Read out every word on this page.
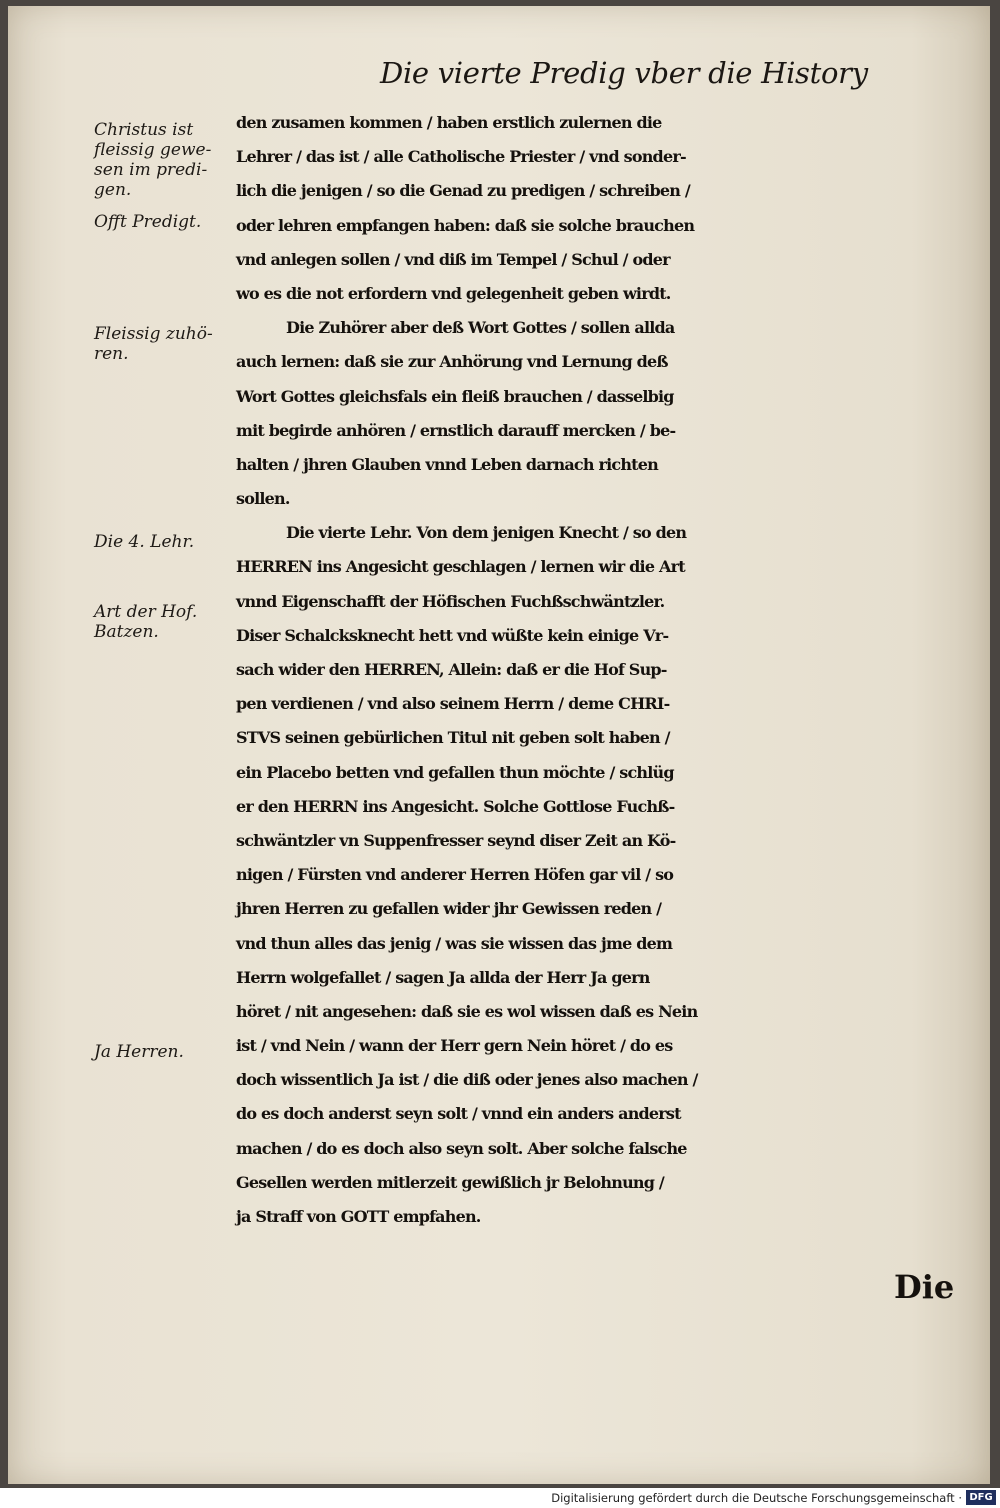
Die vierte Predig vber die History
Christus ist fleissig gewe-sen im predi-gen.
Offt Predigt.
Fleissig zuhö-ren.
Die 4. Lehr.
Art der Hof. Batzen.
Ja Herren.
den zusamen kommen / haben erstlich zulernen die
Lehrer / das ist / alle Catholische Priester / vnd sonder-
lich die jenigen / so die Genad zu predigen / schreiben /
oder lehren empfangen haben: daß sie solche brauchen
vnd anlegen sollen / vnd diß im Tempel / Schul / oder
wo es die not erfordern vnd gelegenheit geben wirdt.
Die Zuhörer aber deß Wort Gottes / sollen allda
auch lernen: daß sie zur Anhörung vnd Lernung deß
Wort Gottes gleichsfals ein fleiß brauchen / dasselbig
mit begirde anhören / ernstlich darauff mercken / be-
halten / jhren Glauben vnnd Leben darnach richten
sollen.
Die vierte Lehr. Von dem jenigen Knecht / so den
HERREN ins Angesicht geschlagen / lernen wir die Art
vnnd Eigenschafft der Höfischen Fuchßschwäntzler.
Diser Schalcksknecht hett vnd wüßte kein einige Vr-
sach wider den HERREN, Allein: daß er die Hof Sup-
pen verdienen / vnd also seinem Herrn / deme CHRI-
STVS seinen gebürlichen Titul nit geben solt haben /
ein Placebo betten vnd gefallen thun möchte / schlüg
er den HERRN ins Angesicht. Solche Gottlose Fuchß-
schwäntzler vn Suppenfresser seynd diser Zeit an Kö-
nigen / Fürsten vnd anderer Herren Höfen gar vil / so
jhren Herren zu gefallen wider jhr Gewissen reden /
vnd thun alles das jenig / was sie wissen das jme dem
Herrn wolgefallet / sagen Ja allda der Herr Ja gern
höret / nit angesehen: daß sie es wol wissen daß es Nein
ist / vnd Nein / wann der Herr gern Nein höret / do es
doch wissentlich Ja ist / die diß oder jenes also machen /
do es doch anderst seyn solt / vnnd ein anders anderst
machen / do es doch also seyn solt. Aber solche falsche
Gesellen werden mitlerzeit gewißlich jr Belohnung /
ja Straff von GOTT empfahen.
Die
Digitalisierung gefördert durch die Deutsche Forschungsgemeinschaft · DFG
